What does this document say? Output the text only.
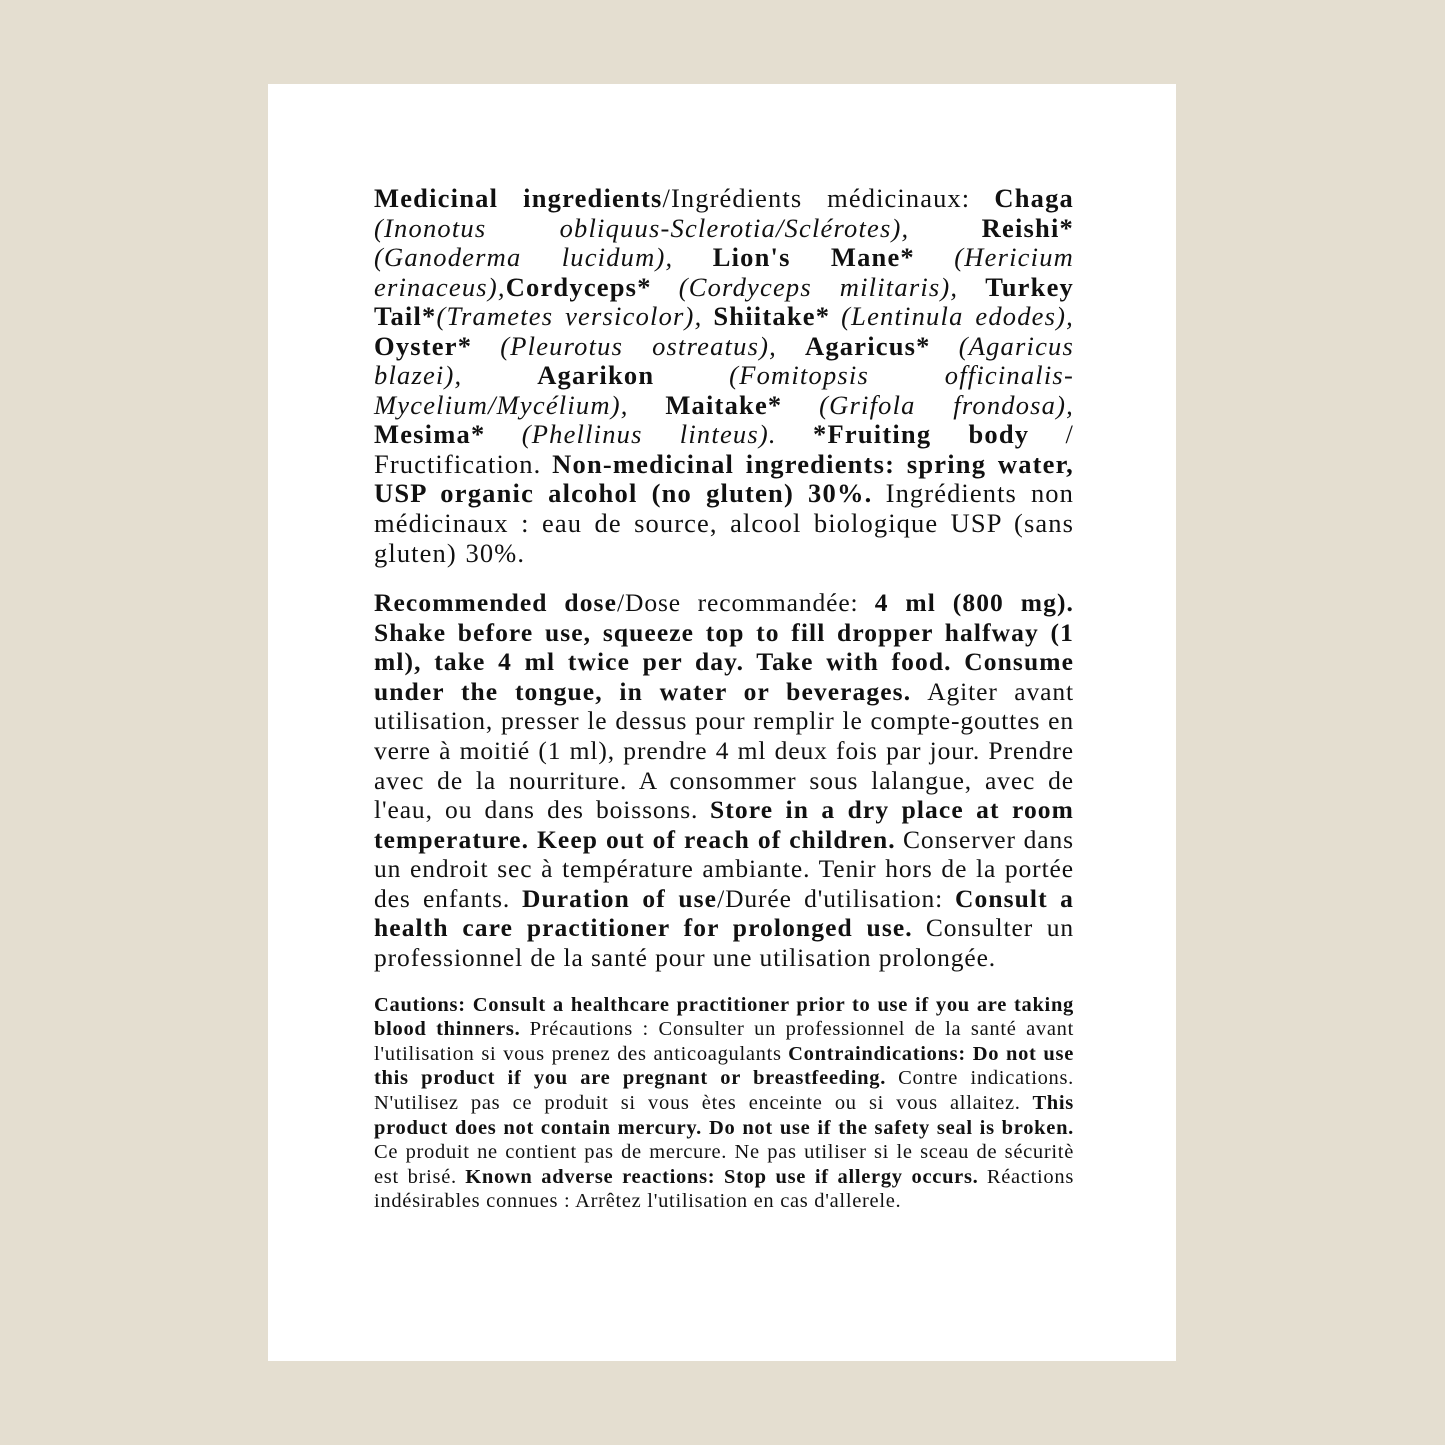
Medicinal ingredients/Ingrédients médicinaux: Chaga (Inonotus obliquus-Sclerotia/Sclérotes),	Reishi* (Ganoderma lucidum), Lion's Mane* (Hericium erinaceus),Cordyceps* (Cordyceps militaris), Turkey Tail*(Trametes versicolor), Shiitake* (Lentinula edodes), Oyster* (Pleurotus ostreatus), Agaricus* (Agaricus blazei),	Agarikon	(Fomitopsis officinalis-Mycelium/Mycélium), Maitake* (Grifola frondosa), Mesima* (Phellinus linteus). *Fruiting body / Fructification. Non-medicinal ingredients: spring water, USP organic alcohol (no gluten) 30%. Ingrédients non médicinaux : eau de source, alcool biologique USP (sans gluten) 30%.
Recommended dose/Dose recommandée: 4 ml (800 mg). Shake before use, squeeze top to fill dropper halfway (1 ml), take 4 ml twice per day. Take with food. Consume under the tongue, in water or beverages. Agiter avant utilisation, presser le dessus pour remplir le compte-gouttes en verre à moitié (1 ml), prendre 4 ml deux fois par jour. Prendre avec de la nourriture. A consommer sous lalangue, avec de l'eau, ou dans des boissons. Store in a dry place at room temperature. Keep out of reach of children. Conserver dans un endroit sec à température ambiante. Tenir hors de la portée des enfants. Duration of use/Durée d'utilisation: Consult a health care practitioner for prolonged use. Consulter un professionnel de la santé pour une utilisation prolongée.
Cautions: Consult a healthcare practitioner prior to use if you are taking blood thinners. Précautions : Consulter un professionnel de la santé avant l'utilisation si vous prenez des anticoagulants Contraindications: Do not use this product if you are pregnant or breastfeeding. Contre indications. N'utilisez pas ce produit si vous ètes enceinte ou si vous allaitez. This product does not contain mercury. Do not use if the safety seal is broken. Ce produit ne contient pas de mercure. Ne pas utiliser si le sceau de sécuritè est brisé. Known adverse reactions: Stop use if allergy occurs. Réactions indésirables connues : Arrêtez l'utilisation en cas d'allerele.
